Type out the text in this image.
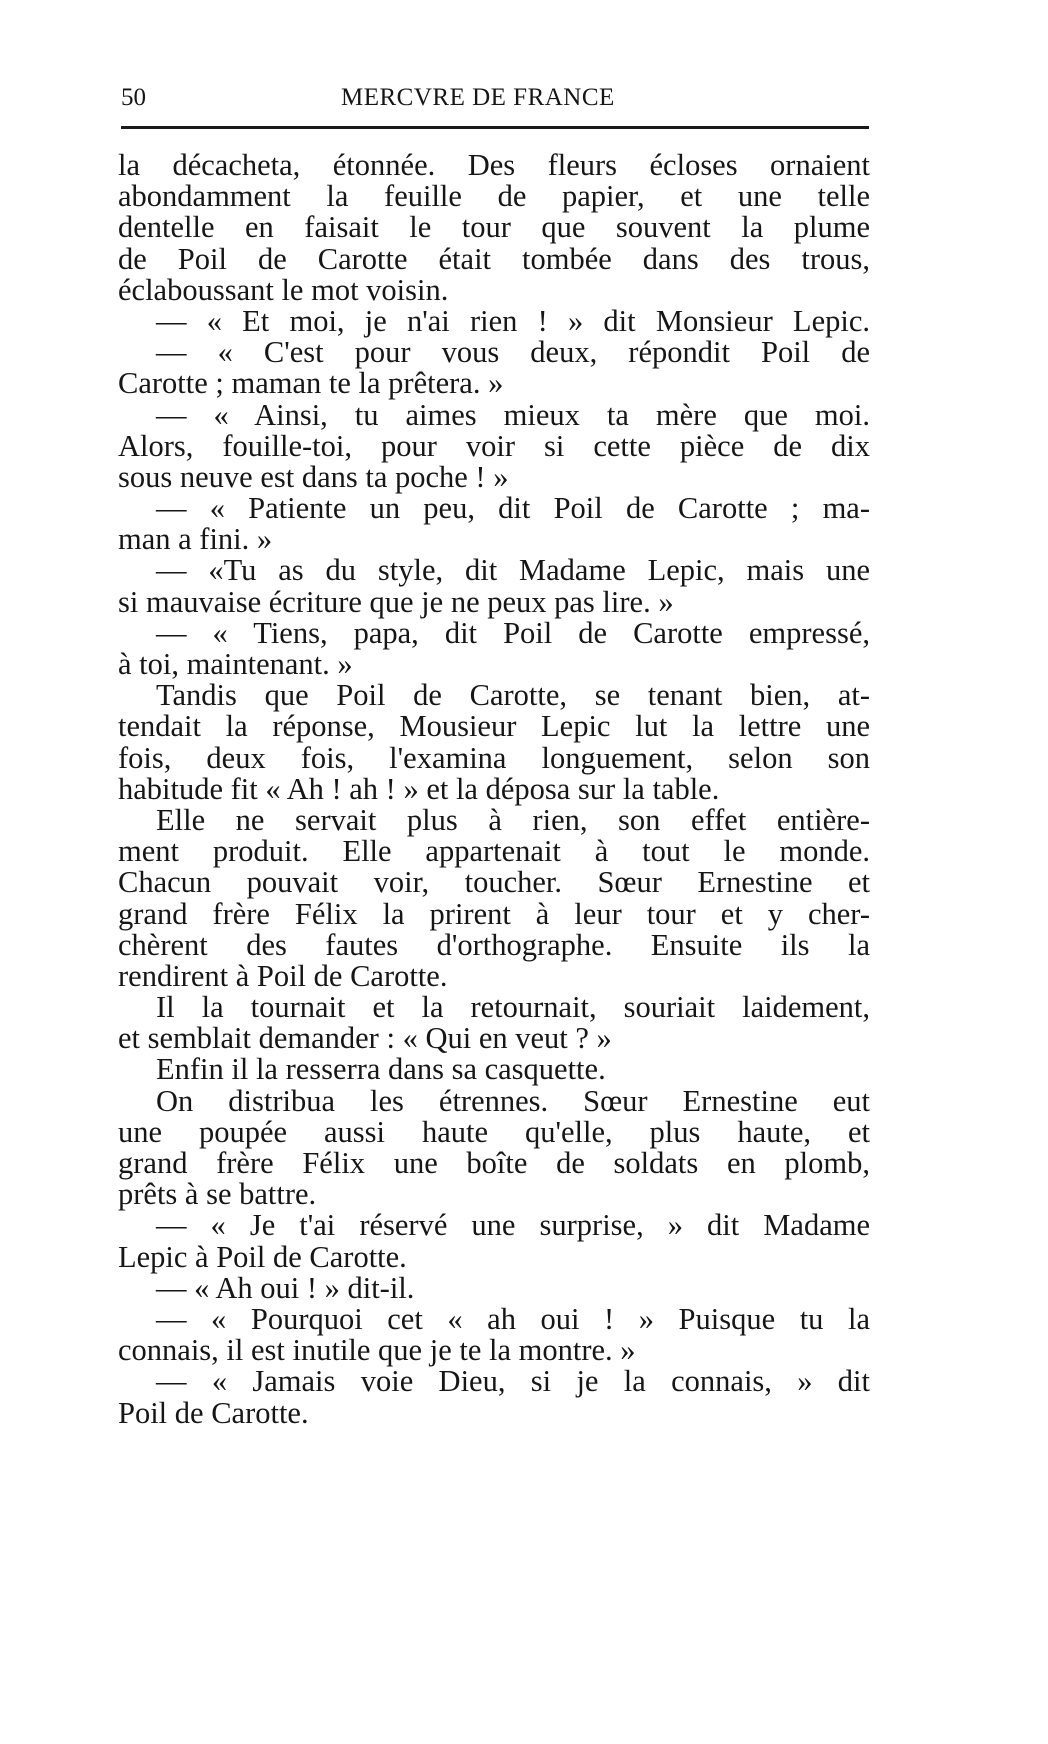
50	MERCVRE DE FRANCE
la décacheta, étonnée. Des fleurs écloses ornaient
abondamment la feuille de papier, et une telle
dentelle en faisait le tour que souvent la plume
de Poil de Carotte était tombée dans des trous,
éclaboussant le mot voisin.
— « Et moi, je n'ai rien ! » dit Monsieur Lepic.
— « C'est pour vous deux, répondit Poil de
Carotte ; maman te la prêtera. »
— « Ainsi, tu aimes mieux ta mère que moi.
Alors, fouille-toi, pour voir si cette pièce de dix
sous neuve est dans ta poche ! »
— « Patiente un peu, dit Poil de Carotte ; ma-
man a fini. »
— «Tu as du style, dit Madame Lepic, mais une
si mauvaise écriture que je ne peux pas lire. »
— « Tiens, papa, dit Poil de Carotte empressé,
à toi, maintenant. »
Tandis que Poil de Carotte, se tenant bien, at-
tendait la réponse, Mousieur Lepic lut la lettre une
fois, deux fois, l'examina longuement, selon son
habitude fit « Ah ! ah ! » et la déposa sur la table.
Elle ne servait plus à rien, son effet entière-
ment produit. Elle appartenait à tout le monde.
Chacun pouvait voir, toucher. Sœur Ernestine et
grand frère Félix la prirent à leur tour et y cher-
chèrent des fautes d'orthographe. Ensuite ils la
rendirent à Poil de Carotte.
Il la tournait et la retournait, souriait laidement,
et semblait demander : « Qui en veut ? »
Enfin il la resserra dans sa casquette.
On distribua les étrennes. Sœur Ernestine eut
une poupée aussi haute qu'elle, plus haute, et
grand frère Félix une boîte de soldats en plomb,
prêts à se battre.
— « Je t'ai réservé une surprise, » dit Madame
Lepic à Poil de Carotte.
— « Ah oui ! » dit-il.
— « Pourquoi cet « ah oui ! » Puisque tu la
connais, il est inutile que je te la montre. »
— « Jamais voie Dieu, si je la connais, » dit
Poil de Carotte.
